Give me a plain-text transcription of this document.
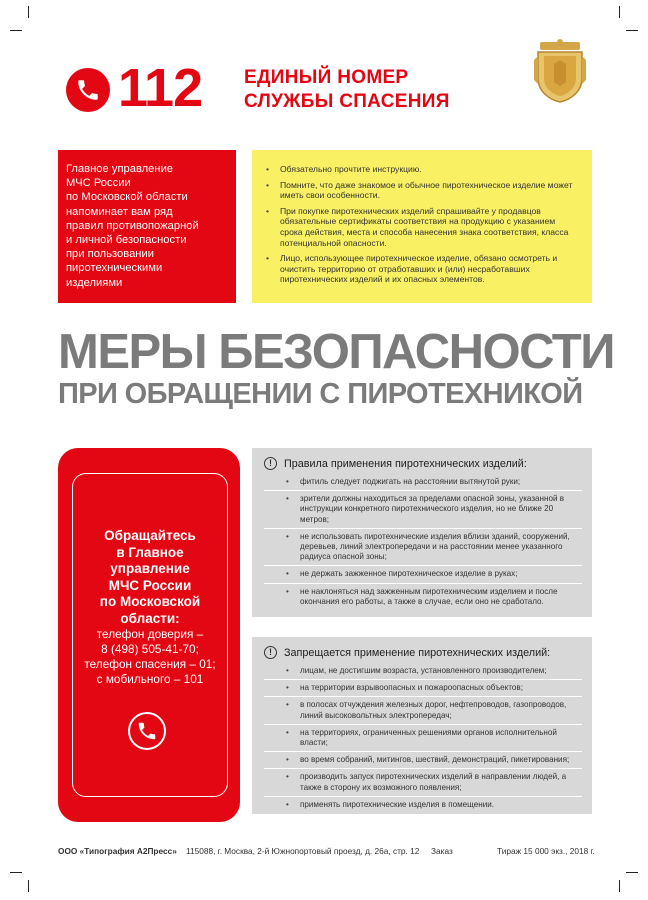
112 ЕДИНЫЙ НОМЕР
СЛУЖБЫ СПАСЕНИЯ
Главное управление
МЧС России
по Московской области
напоминает вам ряд
правил противопожарной
и личной безопасности
при пользовании
пиротехническими
изделиями
• Обязательно прочтите инструкцию.
• Помните, что даже знакомое и обычное пиротехническое изделие может иметь свои особенности.
• При покупке пиротехнических изделий спрашивайте у продавцов обязательные сертификаты соответствия на продукцию с указанием срока действия, места и способа нанесения знака соответствия, класса потенциальной опасности.
• Лицо, использующее пиротехническое изделие, обязано осмотреть и очистить территорию от отработавших и (или) несработавших пиротехнических изделий и их опасных элементов.
МЕРЫ БЕЗОПАСНОСТИ
ПРИ ОБРАЩЕНИИ С ПИРОТЕХНИКОЙ
Обращайтесь
в Главное
управление
МЧС России
по Московской
области:
телефон доверия –
8 (498) 505-41-70;
телефон спасения – 01;
с мобильного – 101
!	Правила применения пиротехнических изделий:
• фитиль следует поджигать на расстоянии вытянутой руки;
• зрители должны находиться за пределами опасной зоны, указанной в инструкции конкретного пиротехнического изделия, но не ближе 20 метров;
• не использовать пиротехнические изделия вблизи зданий, сооружений, деревьев, линий электропередачи и на расстоянии менее указанного радиуса опасной зоны;
• не держать зажженное пиротехническое изделие в руках;
• не наклоняться над зажженным пиротехническим изделием и после окончания его работы, а также в случае, если оно не сработало.
!	Запрещается применение пиротехнических изделий:
• лицам, не достигшим возраста, установленного производителем;
• на территории взрывоопасных и пожароопасных объектов;
• в полосах отчуждения железных дорог, нефтепроводов, газопроводов, линий высоковольтных электропередач;
• на территориях, ограниченных решениями органов исполнительной власти;
• во время собраний, митингов, шествий, демонстраций, пикетирования;
• производить запуск пиротехнических изделий в направлении людей, а также в сторону их возможного появления;
• применять пиротехнические изделия в помещении.
ООО «Типография А2Пресс» 115088, г. Москва, 2-й Южнопортовый проезд, д. 26а, стр. 12 Заказ	Тираж 15 000 экз., 2018 г.
